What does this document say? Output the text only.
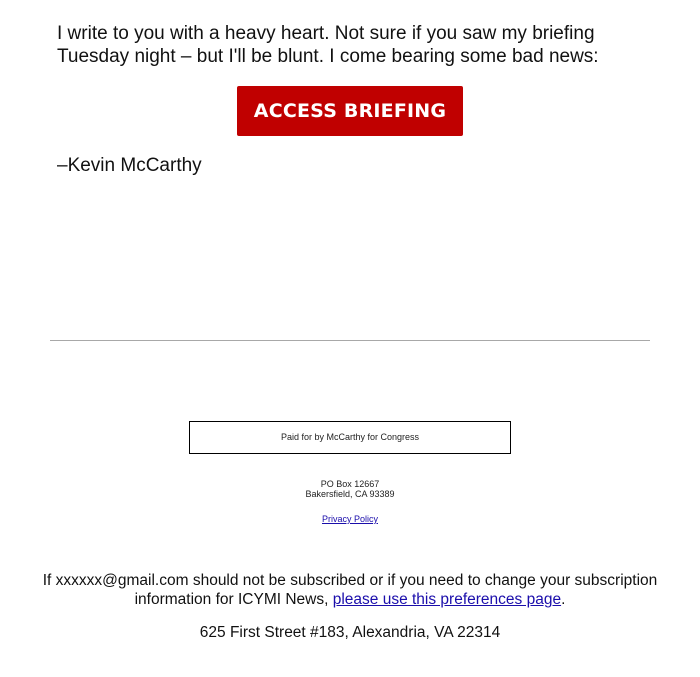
I write to you with a heavy heart. Not sure if you saw my briefing Tuesday night – but I'll be blunt. I come bearing some bad news:

ACCESS BRIEFING

–Kevin McCarthy

Paid for by McCarthy for Congress
PO Box 12667
Bakersfield, CA 93389
Privacy Policy
If xxxxxx@gmail.com should not be subscribed or if you need to change your subscription information for ICYMI News, please use this preferences page.
625 First Street #183, Alexandria, VA 22314
